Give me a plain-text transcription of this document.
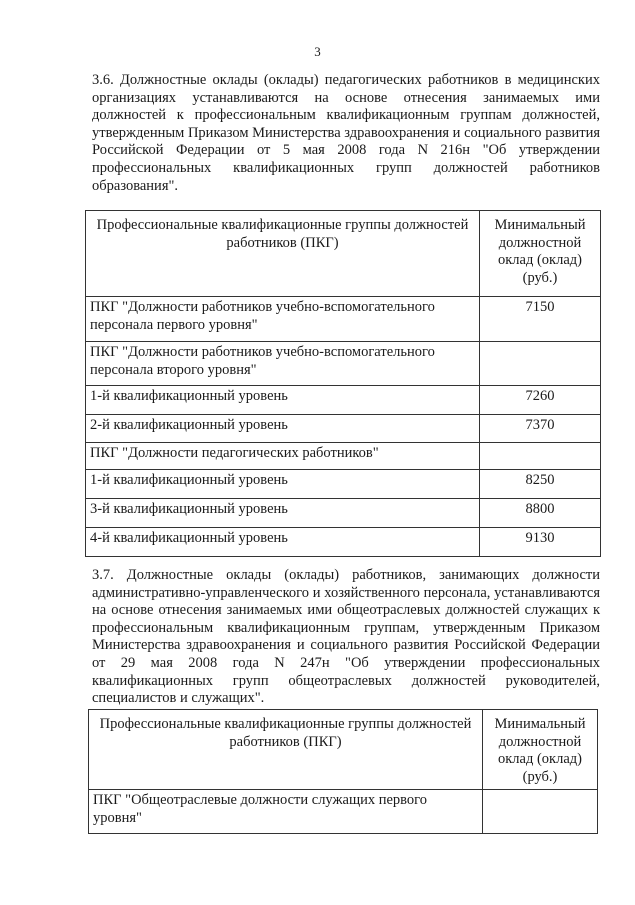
3
3.6. Должностные оклады (оклады) педагогических работников в медицинских организациях устанавливаются на основе отнесения занимаемых ими должностей к профессиональным квалификационным группам должностей, утвержденным Приказом Министерства здравоохранения и социального развития Российской Федерации от 5 мая 2008 года N 216н "Об утверждении профессиональных квалификационных групп должностей работников образования".
Профессиональные квалификационные группы должностей работников (ПКГ)	Минимальный должностной оклад (оклад) (руб.)
ПКГ "Должности работников учебно-вспомогательного персонала первого уровня"	7150
ПКГ "Должности работников учебно-вспомогательного персонала второго уровня"	
1-й квалификационный уровень	7260
2-й квалификационный уровень	7370
ПКГ "Должности педагогических работников"	
1-й квалификационный уровень	8250
3-й квалификационный уровень	8800
4-й квалификационный уровень	9130
3.7. Должностные оклады (оклады) работников, занимающих должности административно-управленческого и хозяйственного персонала, устанавливаются на основе отнесения занимаемых ими общеотраслевых должностей служащих к профессиональным квалификационным группам, утвержденным Приказом Министерства здравоохранения и социального развития Российской Федерации от 29 мая 2008 года N 247н "Об утверждении профессиональных квалификационных групп общеотраслевых должностей руководителей, специалистов и служащих".
Профессиональные квалификационные группы должностей работников (ПКГ)	Минимальный должностной оклад (оклад) (руб.)
ПКГ "Общеотраслевые должности служащих первого уровня"	
